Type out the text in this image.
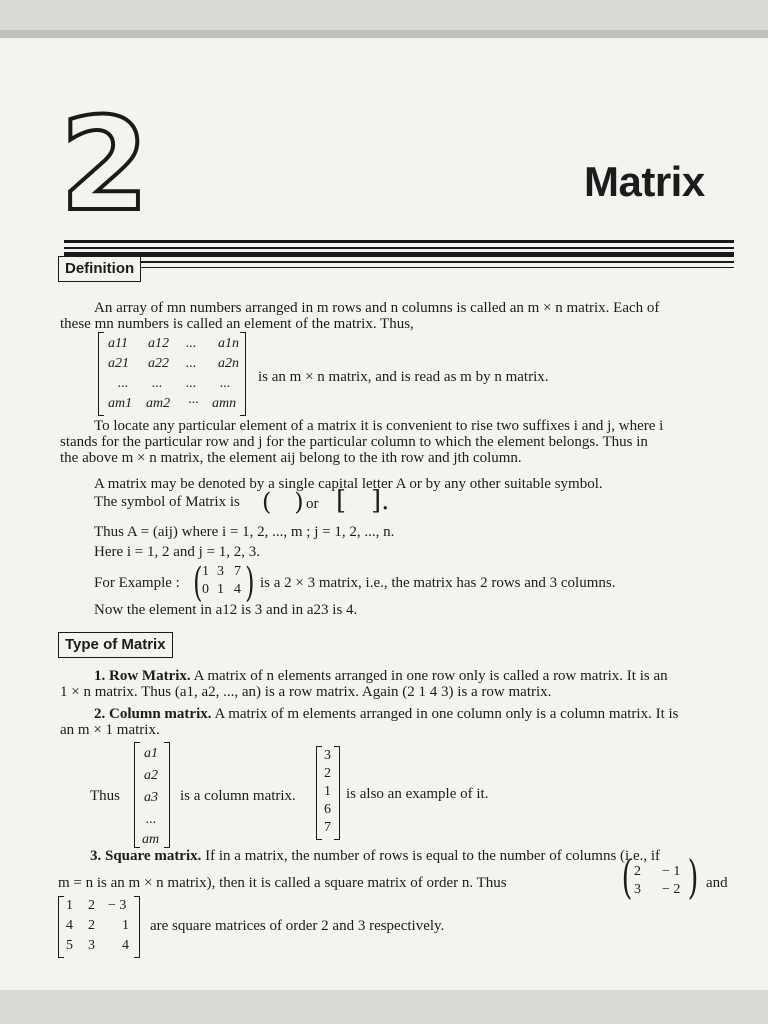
2	Matrix
Definition
An array of mn numbers arranged in m rows and n columns is called an m × n matrix. Each of
these mn numbers is called an element of the matrix. Thus,
a11 a12 ... a1n
a21 a22 ... a2n
... ... ... ...
am1 am2 ··· amn
is an m × n matrix, and is read as m by n matrix.
To locate any particular element of a matrix it is convenient to rise two suffixes i and j, where i
stands for the particular row and j for the particular column to which the element belongs. Thus in
the above m × n matrix, the element aij belong to the ith row and jth column.
A matrix may be denoted by a single capital letter A or by any other suitable symbol.
The symbol of Matrix is (   ) or [   ].
Thus A = (aij) where i = 1, 2, ..., m ; j = 1, 2, ..., n.
Here i = 1, 2 and j = 1, 2, 3.
For Example : ( 1 3 7
0 1 4 ) is a 2 × 3 matrix, i.e., the matrix has 2 rows and 3 columns.
Now the element in a12 is 3 and in a23 is 4.
Type of Matrix
1. Row Matrix. A matrix of n elements arranged in one row only is called a row matrix. It is an
1 × n matrix. Thus (a1, a2, ..., an) is a row matrix. Again (2 1 4 3) is a row matrix.
2. Column matrix. A matrix of m elements arranged in one column only is a column matrix. It is
an m × 1 matrix.
Thus
a1
a2
a3
...
am
is a column matrix.
3
2
1
6
7
is also an example of it.
3. Square matrix. If in a matrix, the number of rows is equal to the number of columns (i.e., if
m = n is an m × n matrix), then it is called a square matrix of order n. Thus ( 2 − 1
3 − 2 ) and
1 2 − 3
4 2 1
5 3 4
are square matrices of order 2 and 3 respectively.
